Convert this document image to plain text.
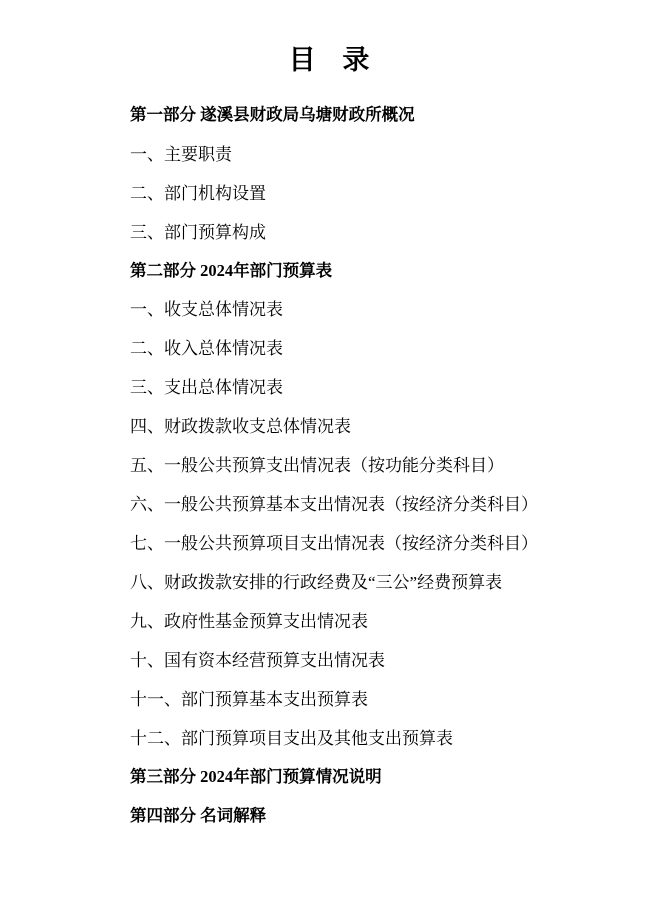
目 录
第一部分 遂溪县财政局乌塘财政所概况
一、主要职责
二、部门机构设置
三、部门预算构成
第二部分 2024年部门预算表
一、收支总体情况表
二、收入总体情况表
三、支出总体情况表
四、财政拨款收支总体情况表
五、一般公共预算支出情况表（按功能分类科目）
六、一般公共预算基本支出情况表（按经济分类科目）
七、一般公共预算项目支出情况表（按经济分类科目）
八、财政拨款安排的行政经费及“三公”经费预算表
九、政府性基金预算支出情况表
十、国有资本经营预算支出情况表
十一、部门预算基本支出预算表
十二、部门预算项目支出及其他支出预算表
第三部分 2024年部门预算情况说明
第四部分 名词解释
